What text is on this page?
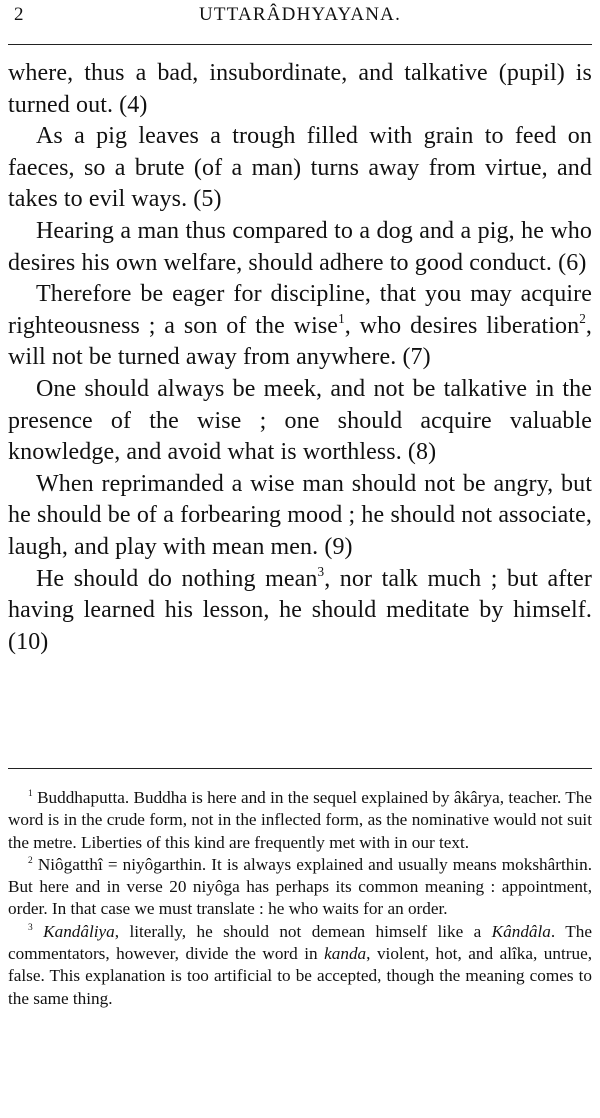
2	UTTARÂDHYAYANA.

where, thus a bad, insubordinate, and talkative (pupil) is turned out. (4)

As a pig leaves a trough filled with grain to feed on faeces, so a brute (of a man) turns away from virtue, and takes to evil ways. (5)

Hearing a man thus compared to a dog and a pig, he who desires his own welfare, should adhere to good conduct. (6)

Therefore be eager for discipline, that you may acquire righteousness ; a son of the wise$^1$, who desires liberation$^2$, will not be turned away from anywhere. (7)

One should always be meek, and not be talkative in the presence of the wise ; one should acquire valuable knowledge, and avoid what is worthless. (8)

When reprimanded a wise man should not be angry, but he should be of a forbearing mood ; he should not associate, laugh, and play with mean men. (9)

He should do nothing mean$^3$, nor talk much ; but after having learned his lesson, he should meditate by himself. (10)

$^1$ Buddhaputta. Buddha is here and in the sequel explained by âkârya, teacher. The word is in the crude form, not in the inflected form, as the nominative would not suit the metre. Liberties of this kind are frequently met with in our text.

$^2$ Niôgatthî = niyôgarthin. It is always explained and usually means mokshârthin. But here and in verse 20 niyôga has perhaps its common meaning : appointment, order. In that case we must translate : he who waits for an order.

$^3$ Kandâliya, literally, he should not demean himself like a Kândâla. The commentators, however, divide the word in kanda, violent, hot, and alîka, untrue, false. This explanation is too artificial to be accepted, though the meaning comes to the same thing.
